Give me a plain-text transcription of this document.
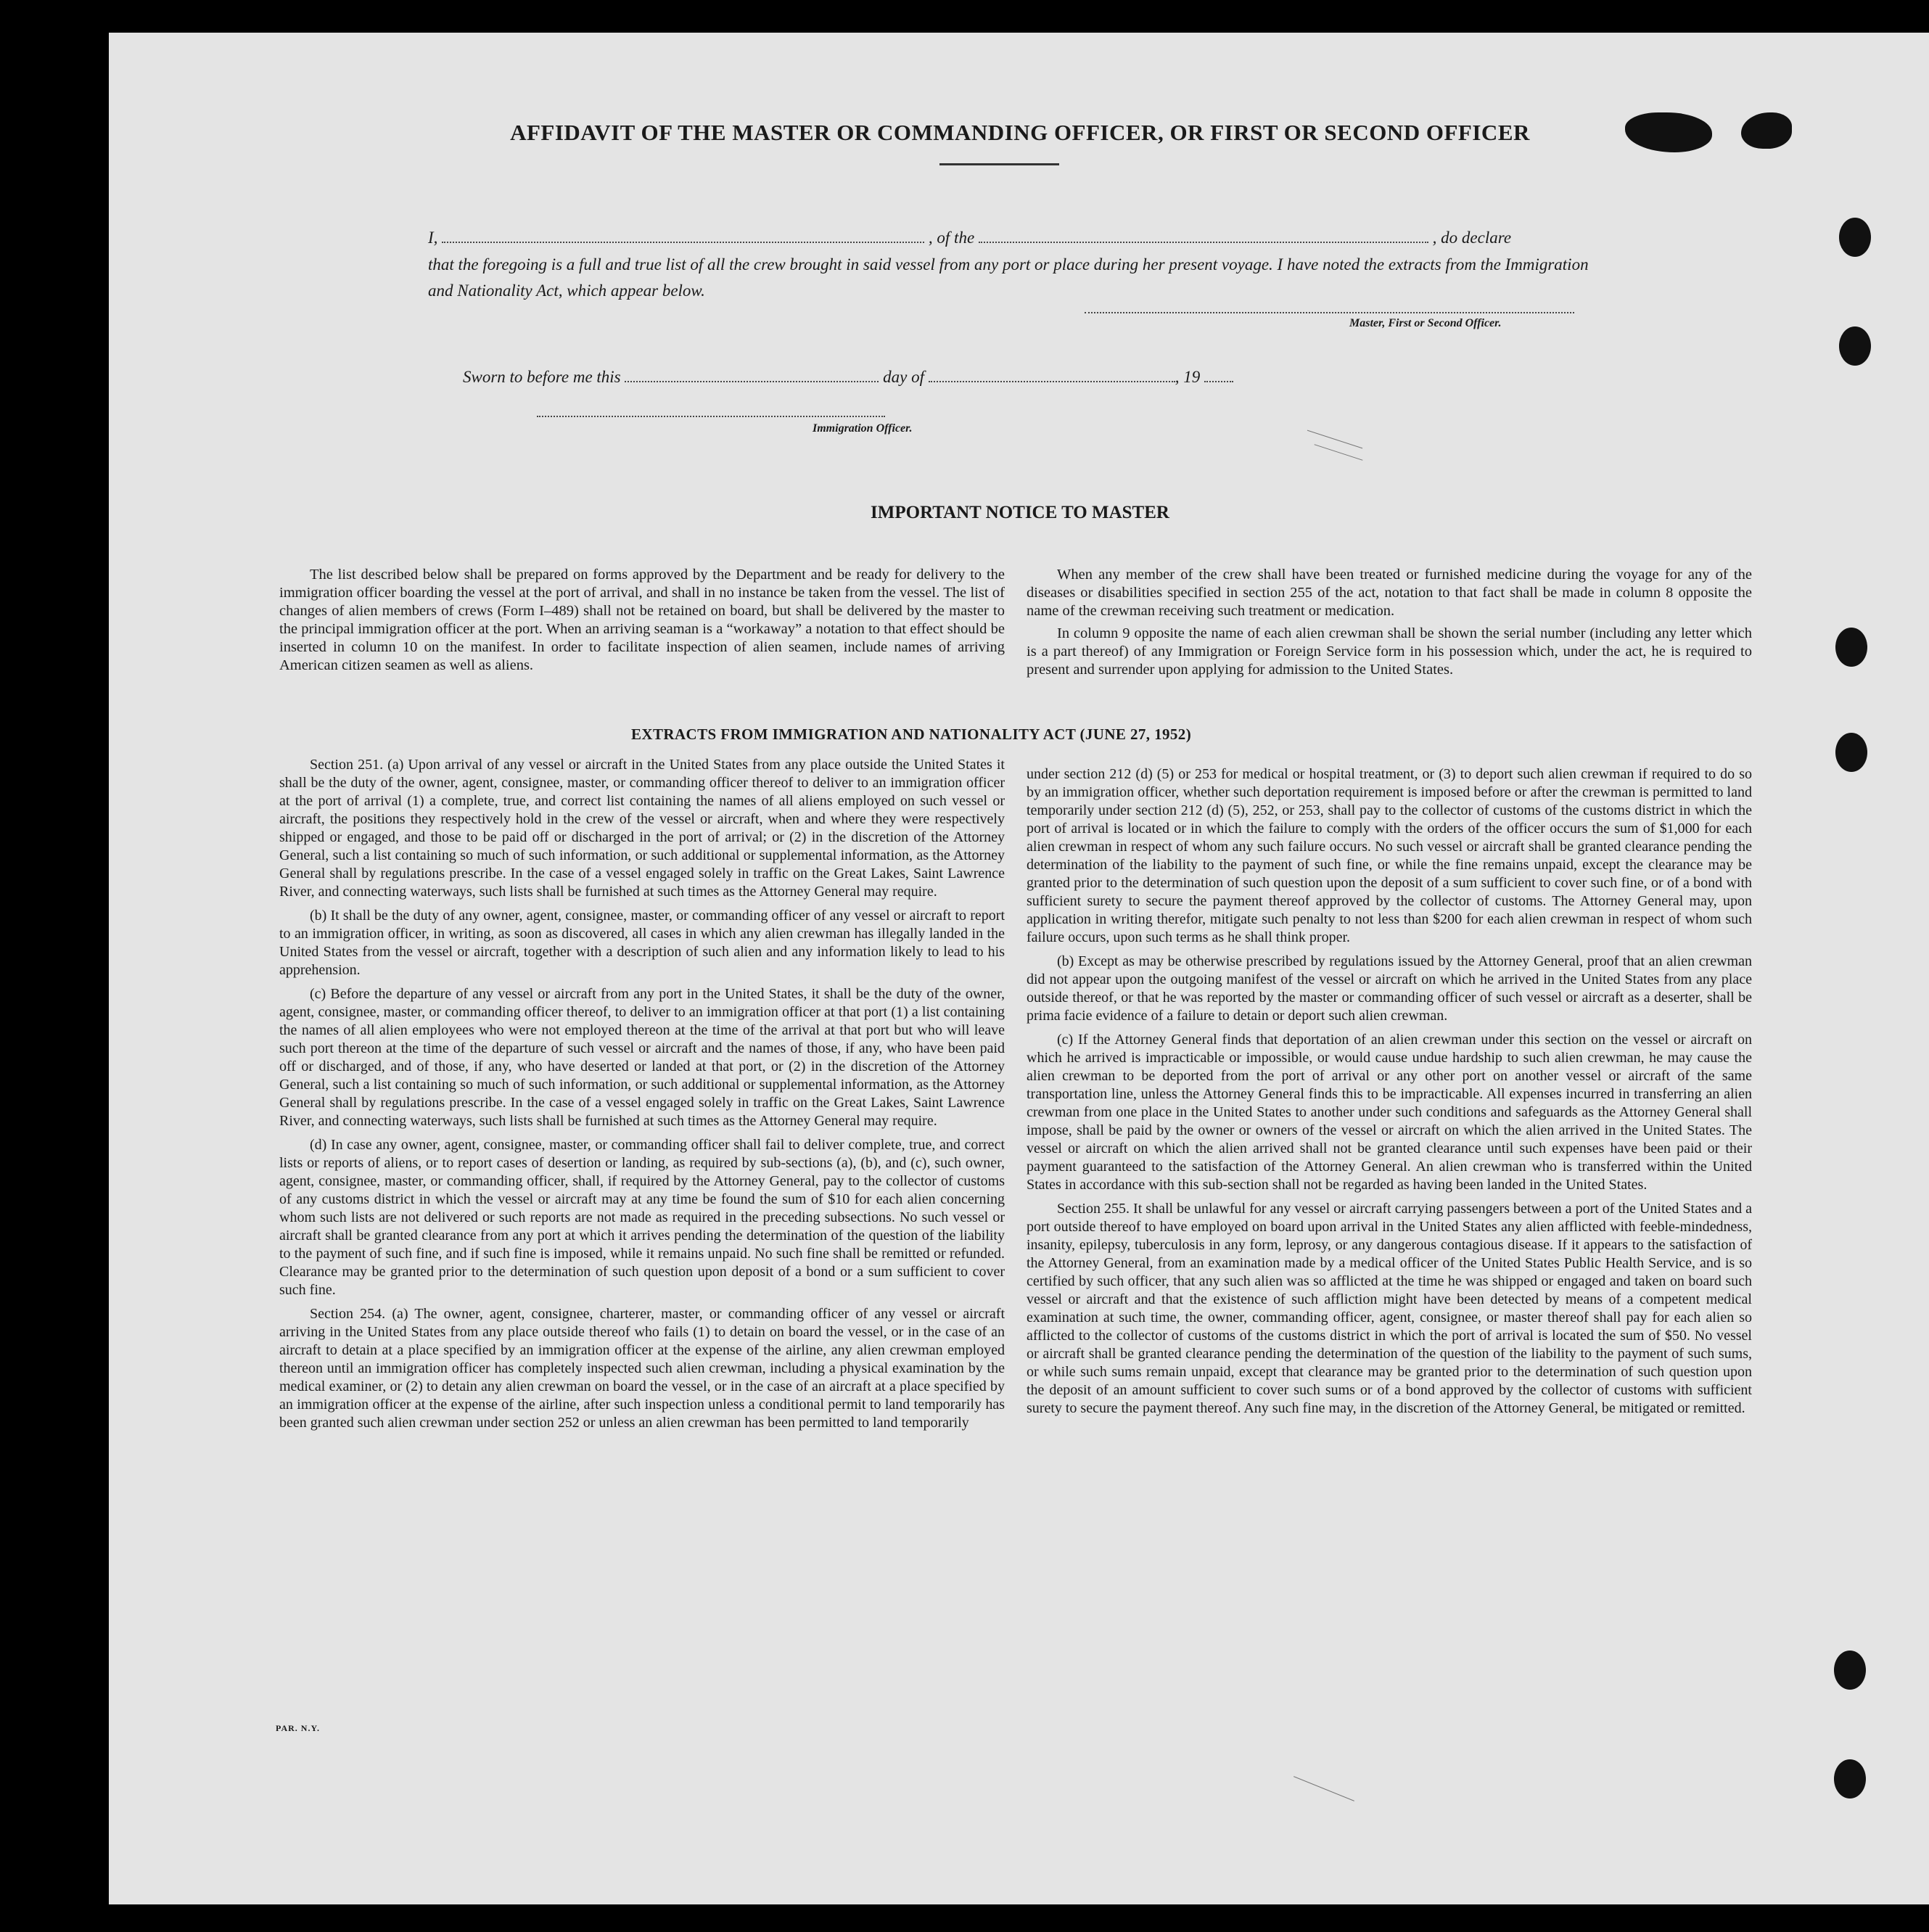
AFFIDAVIT OF THE MASTER OR COMMANDING OFFICER, OR FIRST OR SECOND OFFICER
I,	, of the	, do declare
that the foregoing is a full and true list of all the crew brought in said vessel from any port or place during her present voyage. I have noted the extracts from the Immigration and Nationality Act, which appear below.
Master, First or Second Officer.
Sworn to before me this	day of	, 19
Immigration Officer.
IMPORTANT NOTICE TO MASTER

The list described below shall be prepared on forms approved by the Department and be ready for delivery to the immigration officer boarding the vessel at the port of arrival, and shall in no instance be taken from the vessel. The list of changes of alien members of crews (Form I–489) shall not be retained on board, but shall be delivered by the master to the principal immigration officer at the port. When an arriving seaman is a “workaway” a notation to that effect should be inserted in column 10 on the manifest. In order to facilitate inspection of alien seamen, include names of arriving American citizen seamen as well as aliens.

When any member of the crew shall have been treated or furnished medicine during the voyage for any of the diseases or disabilities specified in section 255 of the act, notation to that fact shall be made in column 8 opposite the name of the crewman receiving such treatment or medication.

In column 9 opposite the name of each alien crewman shall be shown the serial number (including any letter which is a part thereof) of any Immigration or Foreign Service form in his possession which, under the act, he is required to present and surrender upon applying for admission to the United States.

EXTRACTS FROM IMMIGRATION AND NATIONALITY ACT (JUNE 27, 1952)

Section 251. (a) Upon arrival of any vessel or aircraft in the United States from any place outside the United States it shall be the duty of the owner, agent, consignee, master, or commanding officer thereof to deliver to an immigration officer at the port of arrival (1) a complete, true, and correct list containing the names of all aliens employed on such vessel or aircraft, the positions they respectively hold in the crew of the vessel or aircraft, when and where they were respectively shipped or engaged, and those to be paid off or discharged in the port of arrival; or (2) in the discretion of the Attorney General, such a list containing so much of such information, or such additional or supplemental information, as the Attorney General shall by regulations prescribe. In the case of a vessel engaged solely in traffic on the Great Lakes, Saint Lawrence River, and connecting waterways, such lists shall be furnished at such times as the Attorney General may require.

(b) It shall be the duty of any owner, agent, consignee, master, or commanding officer of any vessel or aircraft to report to an immigration officer, in writing, as soon as discovered, all cases in which any alien crewman has illegally landed in the United States from the vessel or aircraft, together with a description of such alien and any information likely to lead to his apprehension.

(c) Before the departure of any vessel or aircraft from any port in the United States, it shall be the duty of the owner, agent, consignee, master, or commanding officer thereof, to deliver to an immigration officer at that port (1) a list containing the names of all alien employees who were not employed thereon at the time of the arrival at that port but who will leave such port thereon at the time of the departure of such vessel or aircraft and the names of those, if any, who have been paid off or discharged, and of those, if any, who have deserted or landed at that port, or (2) in the discretion of the Attorney General, such a list containing so much of such information, or such additional or supplemental information, as the Attorney General shall by regulations prescribe. In the case of a vessel engaged solely in traffic on the Great Lakes, Saint Lawrence River, and connecting waterways, such lists shall be furnished at such times as the Attorney General may require.

(d) In case any owner, agent, consignee, master, or commanding officer shall fail to deliver complete, true, and correct lists or reports of aliens, or to report cases of desertion or landing, as required by sub-sections (a), (b), and (c), such owner, agent, consignee, master, or commanding officer, shall, if required by the Attorney General, pay to the collector of customs of any customs district in which the vessel or aircraft may at any time be found the sum of $10 for each alien concerning whom such lists are not delivered or such reports are not made as required in the preceding subsections. No such vessel or aircraft shall be granted clearance from any port at which it arrives pending the determination of the question of the liability to the payment of such fine, and if such fine is imposed, while it remains unpaid. No such fine shall be remitted or refunded. Clearance may be granted prior to the determination of such question upon deposit of a bond or a sum sufficient to cover such fine.

Section 254. (a) The owner, agent, consignee, charterer, master, or commanding officer of any vessel or aircraft arriving in the United States from any place outside thereof who fails (1) to detain on board the vessel, or in the case of an aircraft to detain at a place specified by an immigration officer at the expense of the airline, any alien crewman employed thereon until an immigration officer has completely inspected such alien crewman, including a physical examination by the medical examiner, or (2) to detain any alien crewman on board the vessel, or in the case of an aircraft at a place specified by an immigration officer at the expense of the airline, after such inspection unless a conditional permit to land temporarily has been granted such alien crewman under section 252 or unless an alien crewman has been permitted to land temporarily

under section 212 (d) (5) or 253 for medical or hospital treatment, or (3) to deport such alien crewman if required to do so by an immigration officer, whether such deportation requirement is imposed before or after the crewman is permitted to land temporarily under section 212 (d) (5), 252, or 253, shall pay to the collector of customs of the customs district in which the port of arrival is located or in which the failure to comply with the orders of the officer occurs the sum of $1,000 for each alien crewman in respect of whom any such failure occurs. No such vessel or aircraft shall be granted clearance pending the determination of the liability to the payment of such fine, or while the fine remains unpaid, except the clearance may be granted prior to the determination of such question upon the deposit of a sum sufficient to cover such fine, or of a bond with sufficient surety to secure the payment thereof approved by the collector of customs. The Attorney General may, upon application in writing therefor, mitigate such penalty to not less than $200 for each alien crewman in respect of whom such failure occurs, upon such terms as he shall think proper.

(b) Except as may be otherwise prescribed by regulations issued by the Attorney General, proof that an alien crewman did not appear upon the outgoing manifest of the vessel or aircraft on which he arrived in the United States from any place outside thereof, or that he was reported by the master or commanding officer of such vessel or aircraft as a deserter, shall be prima facie evidence of a failure to detain or deport such alien crewman.

(c) If the Attorney General finds that deportation of an alien crewman under this section on the vessel or aircraft on which he arrived is impracticable or impossible, or would cause undue hardship to such alien crewman, he may cause the alien crewman to be deported from the port of arrival or any other port on another vessel or aircraft of the same transportation line, unless the Attorney General finds this to be impracticable. All expenses incurred in transferring an alien crewman from one place in the United States to another under such conditions and safeguards as the Attorney General shall impose, shall be paid by the owner or owners of the vessel or aircraft on which the alien arrived in the United States. The vessel or aircraft on which the alien arrived shall not be granted clearance until such expenses have been paid or their payment guaranteed to the satisfaction of the Attorney General. An alien crewman who is transferred within the United States in accordance with this sub-section shall not be regarded as having been landed in the United States.

Section 255. It shall be unlawful for any vessel or aircraft carrying passengers between a port of the United States and a port outside thereof to have employed on board upon arrival in the United States any alien afflicted with feeble-mindedness, insanity, epilepsy, tuberculosis in any form, leprosy, or any dangerous contagious disease. If it appears to the satisfaction of the Attorney General, from an examination made by a medical officer of the United States Public Health Service, and is so certified by such officer, that any such alien was so afflicted at the time he was shipped or engaged and taken on board such vessel or aircraft and that the existence of such affliction might have been detected by means of a competent medical examination at such time, the owner, commanding officer, agent, consignee, or master thereof shall pay for each alien so afflicted to the collector of customs of the customs district in which the port of arrival is located the sum of $50. No vessel or aircraft shall be granted clearance pending the determination of the question of the liability to the payment of such sums, or while such sums remain unpaid, except that clearance may be granted prior to the determination of such question upon the deposit of an amount sufficient to cover such sums or of a bond approved by the collector of customs with sufficient surety to secure the payment thereof. Any such fine may, in the discretion of the Attorney General, be mitigated or remitted.

PAR. N.Y.
